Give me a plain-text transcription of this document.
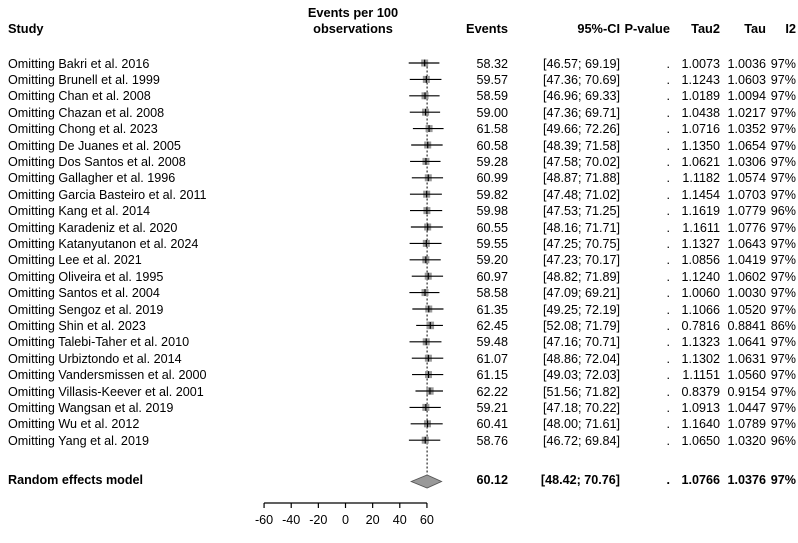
Study
Events per 100
observations	Events	95%-CI P-value	Tau2	Tau	I2
Omitting Bakri et al. 2016	58.32	[46.57; 69.19]	. 1.0073 1.0036 97%
Omitting Brunell et al. 1999	59.57	[47.36; 70.69]	. 1.1243 1.0603 97%
Omitting Chan et al. 2008	58.59	[46.96; 69.33]	. 1.0189 1.0094 97%
Omitting Chazan et al. 2008	59.00	[47.36; 69.71]	. 1.0438 1.0217 97%
Omitting Chong et al. 2023	61.58	[49.66; 72.26]	. 1.0716 1.0352 97%
Omitting De Juanes et al. 2005	60.58	[48.39; 71.58]	. 1.1350 1.0654 97%
Omitting Dos Santos et al. 2008	59.28	[47.58; 70.02]	. 1.0621 1.0306 97%
Omitting Gallagher et al. 1996	60.99	[48.87; 71.88]	. 1.1182 1.0574 97%
Omitting Garcia Basteiro et al. 2011	59.82	[47.48; 71.02]	. 1.1454 1.0703 97%
Omitting Kang et al. 2014	59.98	[47.53; 71.25]	. 1.1619 1.0779 96%
Omitting Karadeniz et al. 2020	60.55	[48.16; 71.71]	. 1.1611 1.0776 97%
Omitting Katanyutanon et al. 2024	59.55	[47.25; 70.75]	. 1.1327 1.0643 97%
Omitting Lee et al. 2021	59.20	[47.23; 70.17]	. 1.0856 1.0419 97%
Omitting Oliveira et al. 1995	60.97	[48.82; 71.89]	. 1.1240 1.0602 97%
Omitting Santos et al. 2004	58.58	[47.09; 69.21]	. 1.0060 1.0030 97%
Omitting Sengoz et al. 2019	61.35	[49.25; 72.19]	. 1.1066 1.0520 97%
Omitting Shin et al. 2023	62.45	[52.08; 71.79]	. 0.7816 0.8841 86%
Omitting Talebi-Taher et al. 2010	59.48	[47.16; 70.71]	. 1.1323 1.0641 97%
Omitting Urbiztondo et al. 2014	61.07	[48.86; 72.04]	. 1.1302 1.0631 97%
Omitting Vandersmissen et al. 2000	61.15	[49.03; 72.03]	. 1.1151 1.0560 97%
Omitting Villasis-Keever et al. 2001	62.22	[51.56; 71.82]	. 0.8379 0.9154 97%
Omitting Wangsan et al. 2019	59.21	[47.18; 70.22]	. 1.0913 1.0447 97%
Omitting Wu et al. 2012	60.41	[48.00; 71.61]	. 1.1640 1.0789 97%
Omitting Yang et al. 2019	58.76	[46.72; 69.84]	. 1.0650 1.0320 96%
Random effects model	60.12	[48.42; 70.76]	. 1.0766 1.0376 97%
-60 -40 -20	0	20	40	60
